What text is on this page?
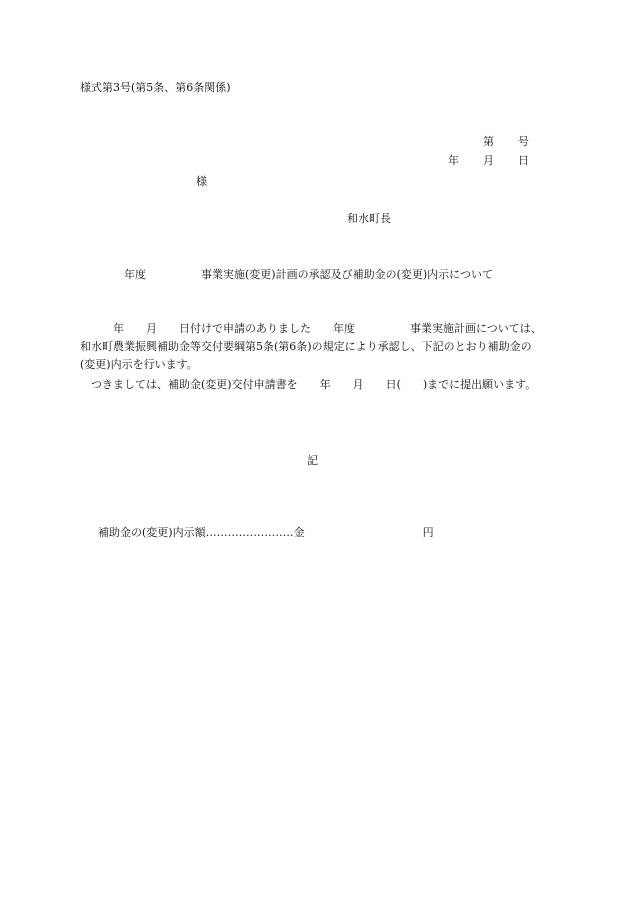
様式第3号(第5条、第6条関係)

第 号

年 月 日

様
和水町長
　　　　年度　　　　　事業実施(変更)計画の承認及び補助金の(変更)内示について
　　　年　　月　　日付けで申請のありました　　年度　　　　　事業実施計画については、和水町農業振興補助金等交付要綱第5条(第6条)の規定により承認し、下記のとおり補助金の(変更)内示を行います。
　つきましては、補助金(変更)交付申請書を　　年　　月　　日(　　)までに提出願います。
記

補助金の(変更)内示額……………………金	円
